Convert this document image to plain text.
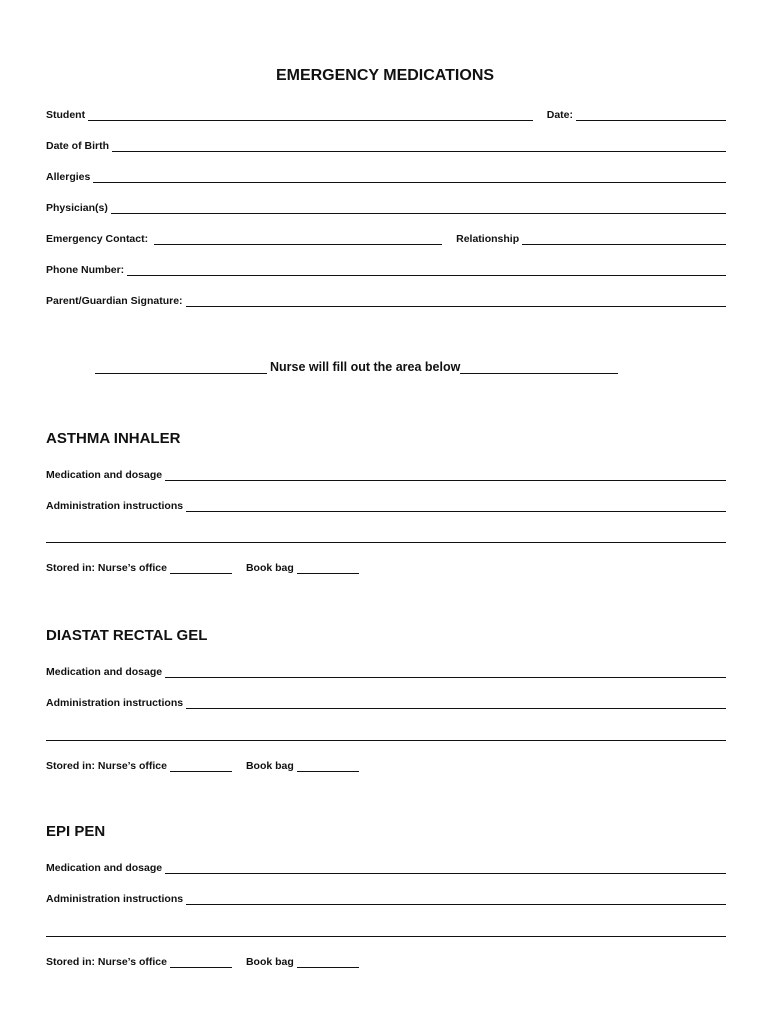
EMERGENCY MEDICATIONS
Student	Date:
Date of Birth
Allergies
Physician(s)
Emergency Contact:	Relationship
Phone Number:
Parent/Guardian Signature:
Nurse will fill out the area below
ASTHMA INHALER
Medication and dosage
Administration instructions
Stored in: Nurse’s office	Book bag
DIASTAT RECTAL GEL
Medication and dosage
Administration instructions
Stored in: Nurse’s office	Book bag
EPI PEN
Medication and dosage
Administration instructions
Stored in: Nurse’s office	Book bag
